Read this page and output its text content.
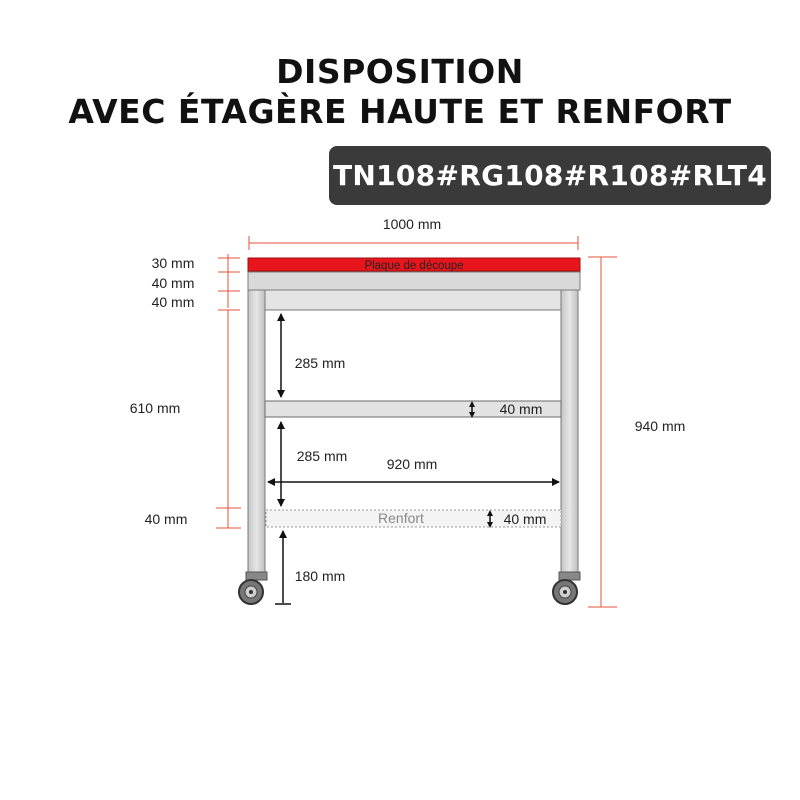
DISPOSITION
AVEC ÉTAGÈRE HAUTE ET RENFORT
TN108#RG108#R108#RLT4
1000 mm
Plaque de découpe
Renfort
30 mm
40 mm
40 mm
610 mm
40 mm
940 mm
285 mm
40 mm
285 mm	920 mm
40 mm
180 mm
